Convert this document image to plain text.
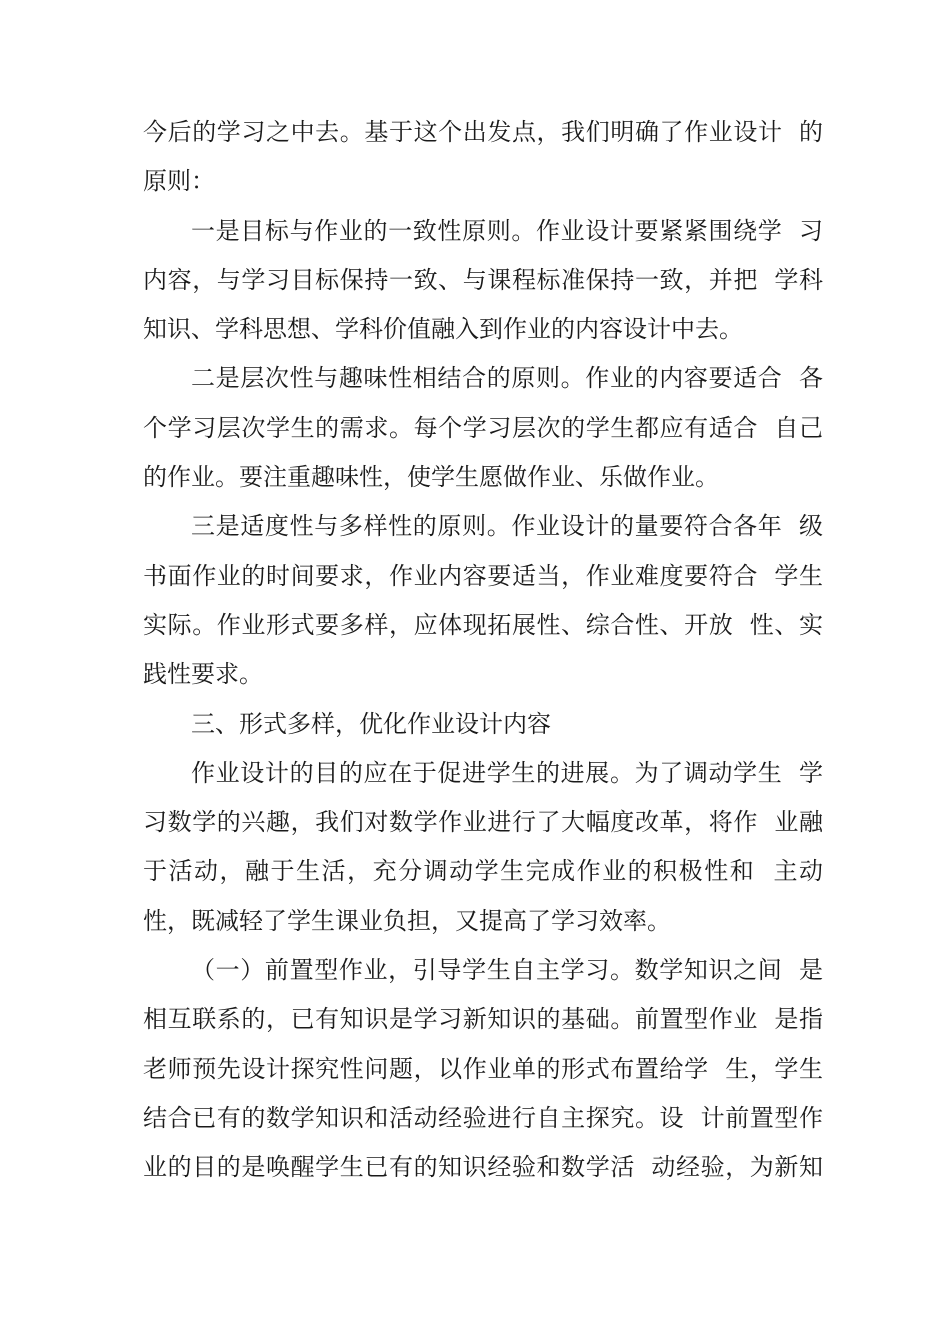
今后的学习之中去。基于这个出发点，我们明确了作业设计  的
原则：
一是目标与作业的一致性原则。作业设计要紧紧围绕学  习
内容，与学习目标保持一致、与课程标准保持一致，并把  学科
知识、学科思想、学科价值融入到作业的内容设计中去。
二是层次性与趣味性相结合的原则。作业的内容要适合  各
个学习层次学生的需求。每个学习层次的学生都应有适合  自己
的作业。要注重趣味性，使学生愿做作业、乐做作业。
三是适度性与多样性的原则。作业设计的量要符合各年  级
书面作业的时间要求，作业内容要适当，作业难度要符合  学生
实际。作业形式要多样，应体现拓展性、综合性、开放  性、实
践性要求。
三、形式多样，优化作业设计内容
作业设计的目的应在于促进学生的进展。为了调动学生  学
习数学的兴趣，我们对数学作业进行了大幅度改革，将作  业融
于活动，融于生活，充分调动学生完成作业的积极性和  主动
性，既减轻了学生课业负担，又提高了学习效率。
（一）前置型作业，引导学生自主学习。数学知识之间  是
相互联系的，已有知识是学习新知识的基础。前置型作业  是指
老师预先设计探究性问题，以作业单的形式布置给学  生，学生
结合已有的数学知识和活动经验进行自主探究。设  计前置型作
业的目的是唤醒学生已有的知识经验和数学活  动经验，为新知
